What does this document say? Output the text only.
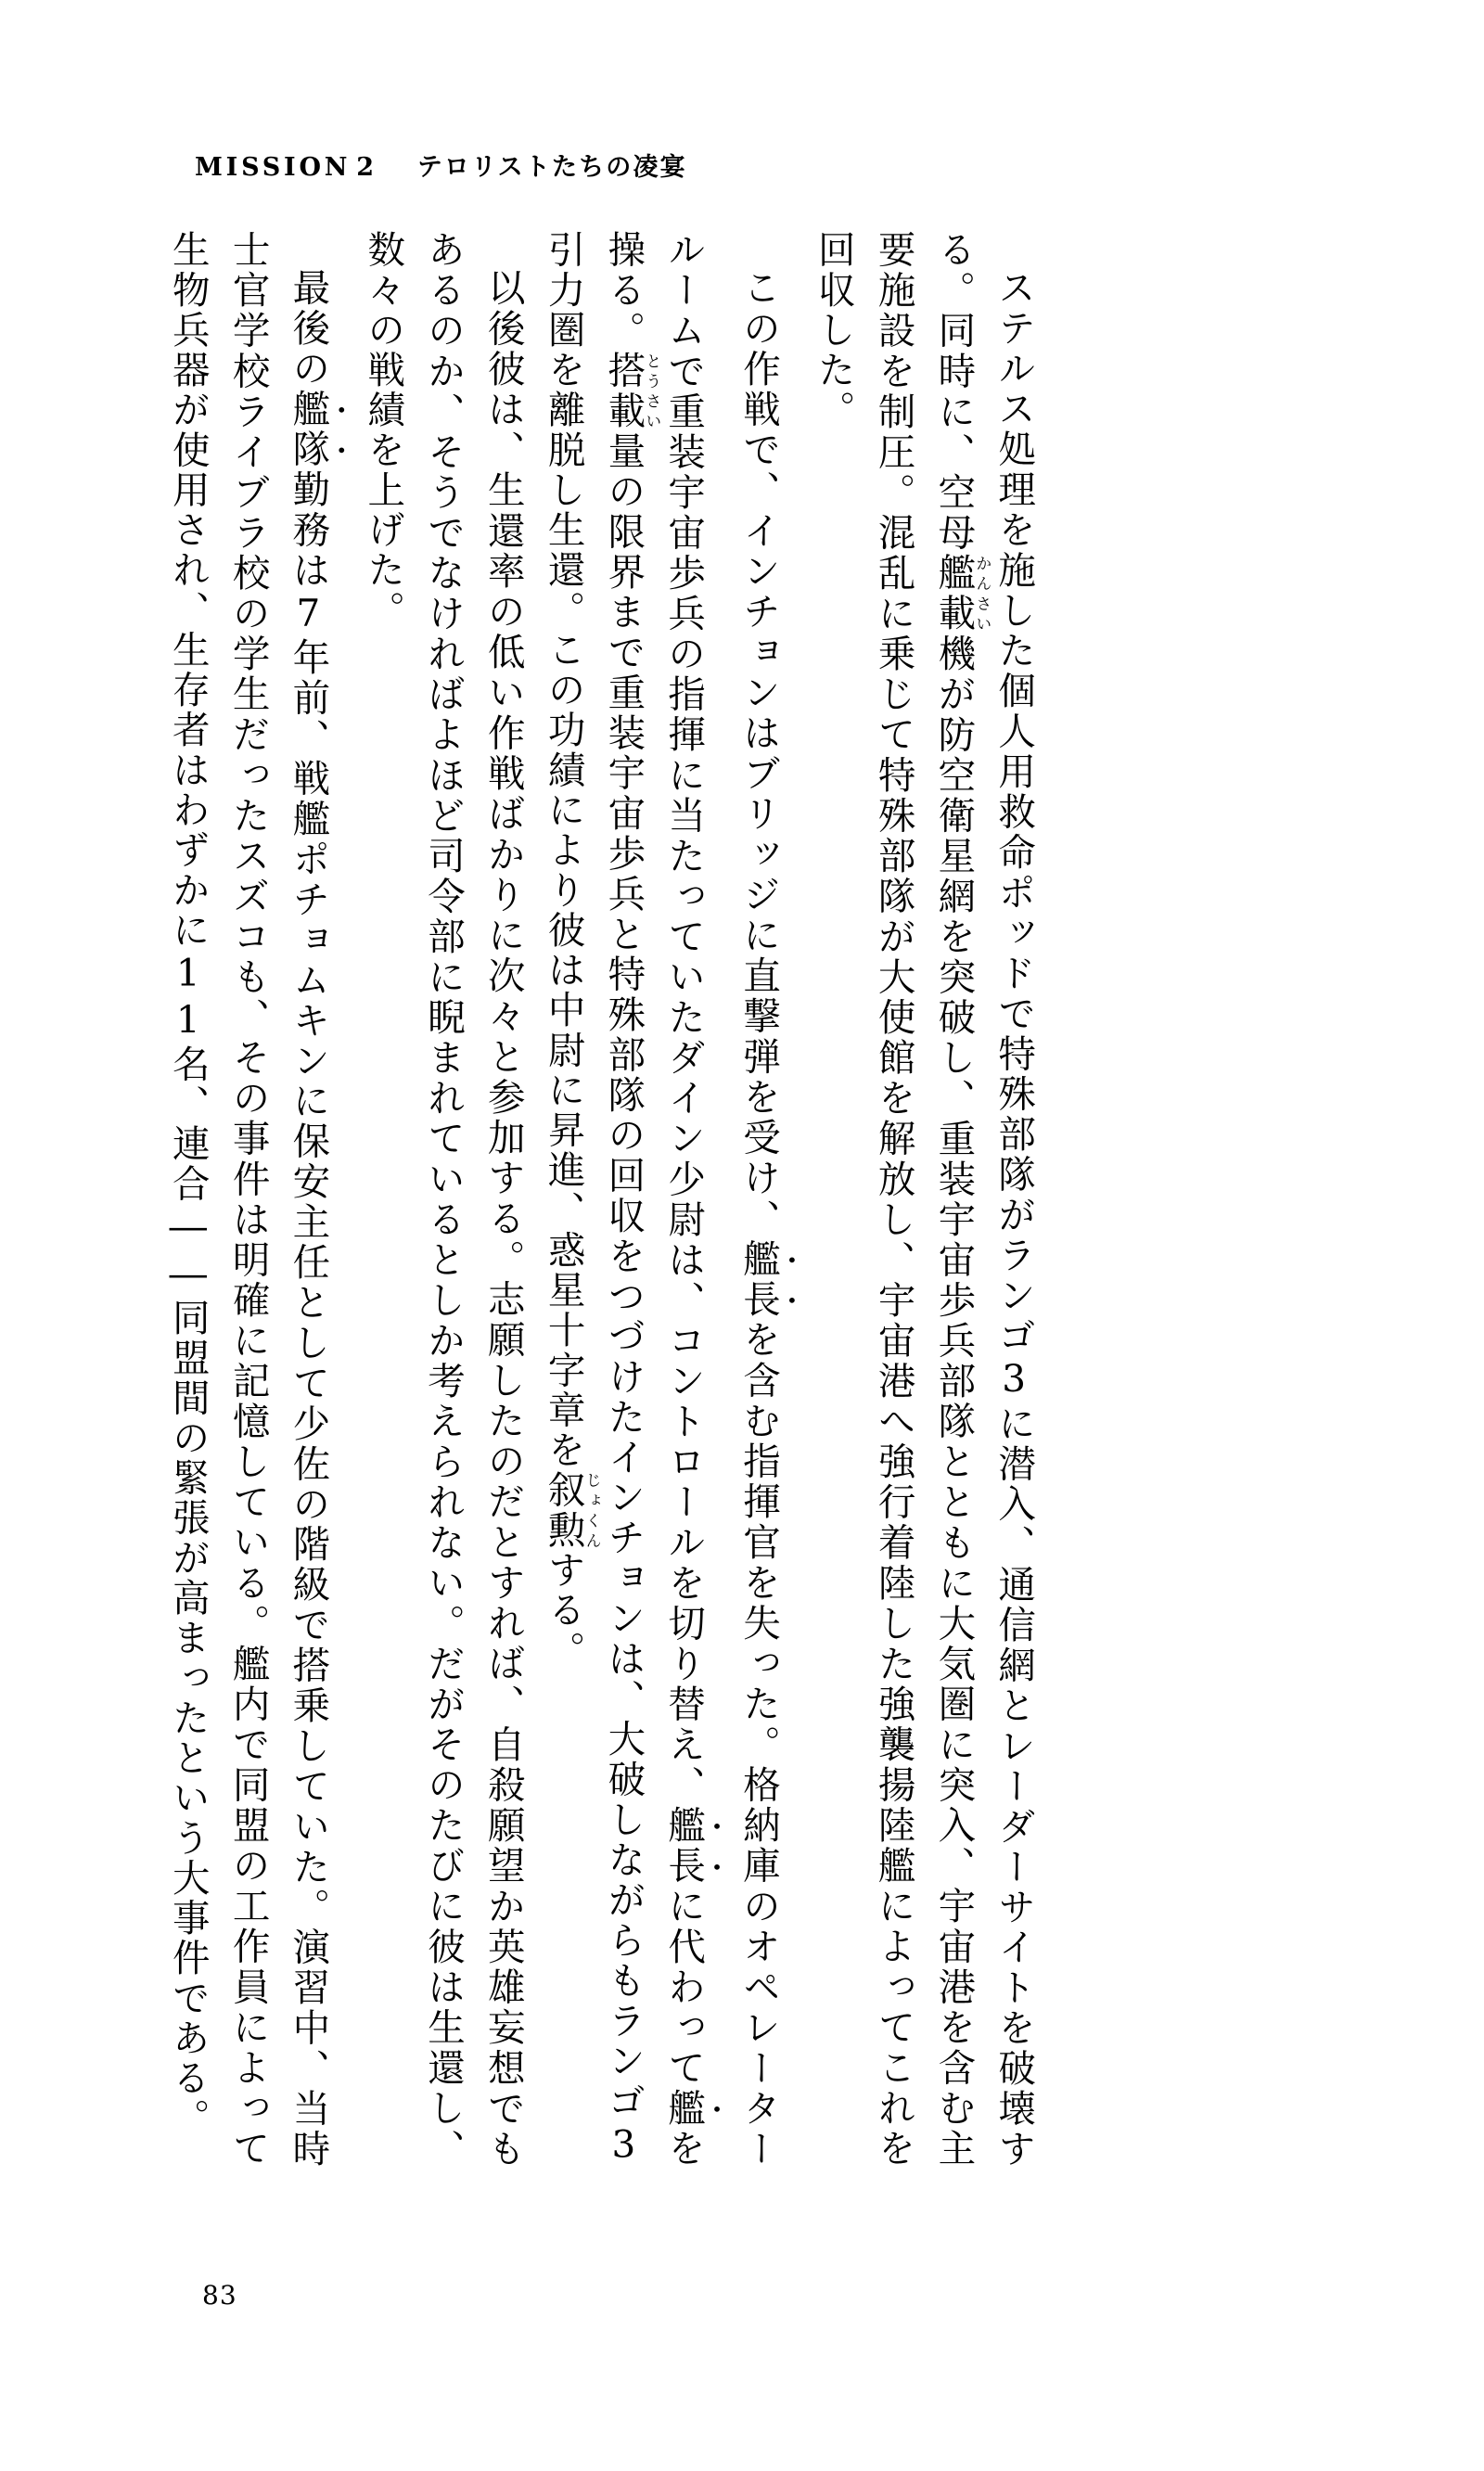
MISSION 2 テロリストたちの凌宴

ステルス処理を施した個人用救命ポッドで特殊部隊がランゴ3に潜入、通信網とレーダーサイトを破壊する。同時に、空母艦載かんさい機が防空衛星網を突破し、重装宇宙歩兵部隊とともに大気圏に突入、宇宙港を含む主要施設を制圧。混乱に乗じて特殊部隊が大使館を解放し、宇宙港へ強行着陸した強襲揚陸艦によってこれを回収した。

この作戦で、インチョンはブリッジに直撃弾を受け、艦長を含む指揮官を失った。格納庫のオペレータールームで重装宇宙歩兵の指揮に当たっていたダイン少尉は、コントロールを切り替え、艦長に代わって艦を操る。搭載とうさい量の限界まで重装宇宙歩兵と特殊部隊の回収をつづけたインチョンは、大破しながらもランゴ3引力圏を離脱し生還。この功績により彼は中尉に昇進、惑星十字章を叙勲じょくんする。

以後彼は、生還率の低い作戦ばかりに次々と参加する。志願したのだとすれば、自殺願望か英雄妄想でもあるのか、そうでなければよほど司令部に睨まれているとしか考えられない。だがそのたびに彼は生還し、数々の戦績を上げた。

最後の艦隊勤務は7年前、戦艦ポチョムキンに保安主任として少佐の階級で搭乗していた。演習中、当時士官学校ライブラ校の学生だったスズコも、その事件は明確に記憶している。艦内で同盟の工作員によって生物兵器が使用され、生存者はわずかに11名、連合――同盟間の緊張が高まったという大事件である。

83
